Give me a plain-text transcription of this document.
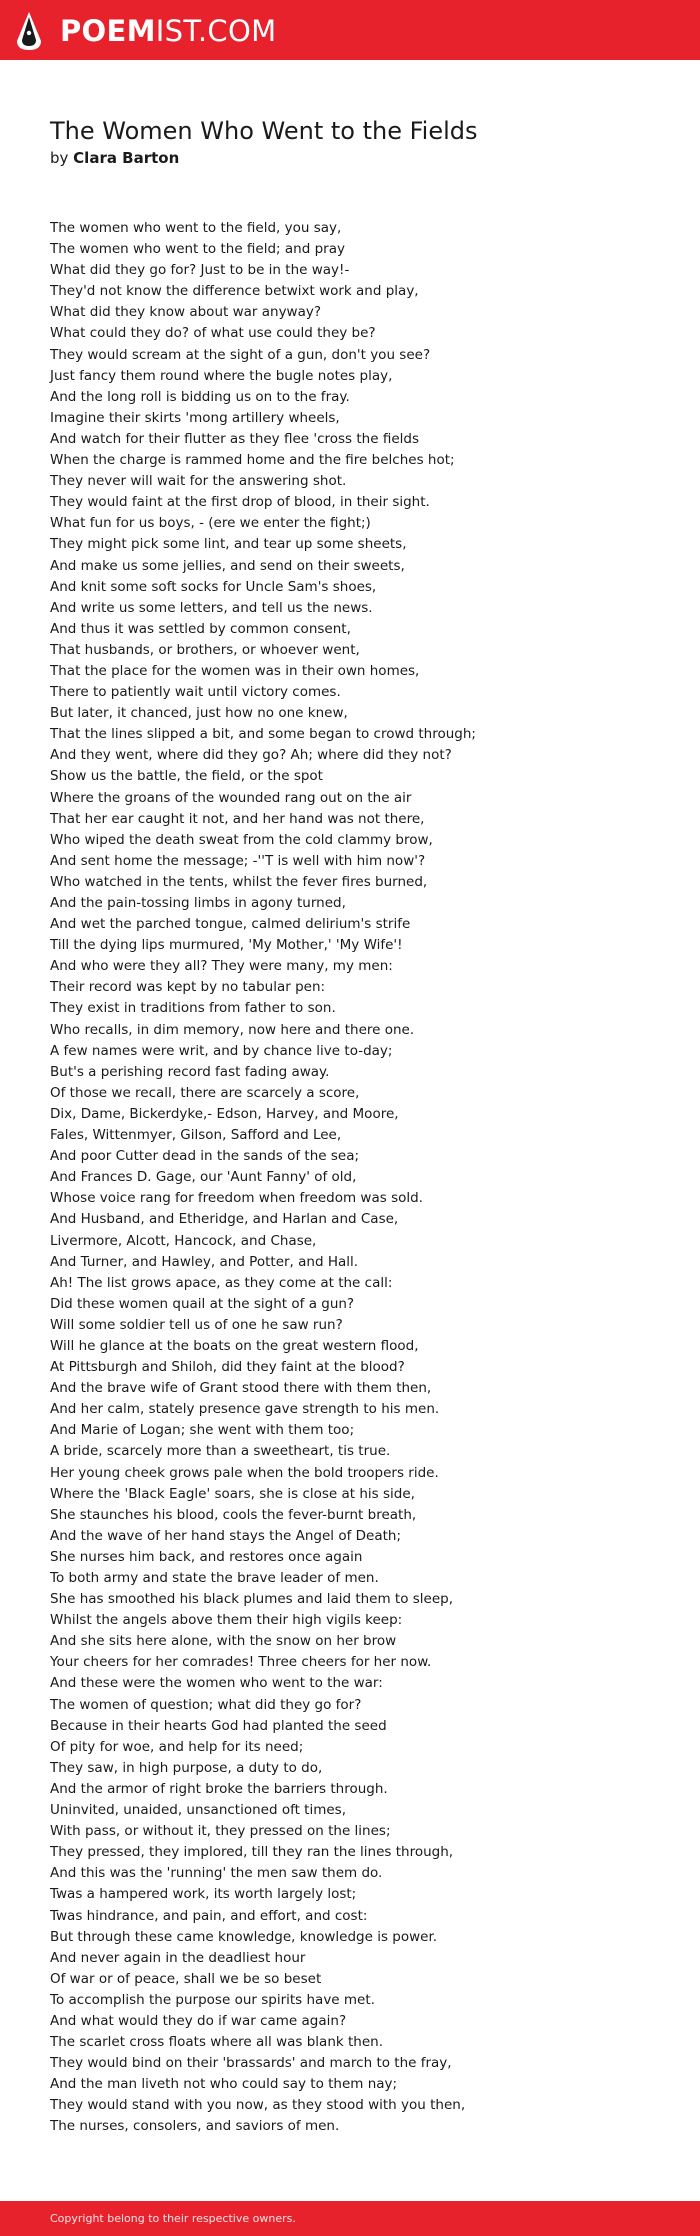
POEMIST.COM
The Women Who Went to the Fields
by Clara Barton
The women who went to the field, you say,
The women who went to the field; and pray
What did they go for? Just to be in the way!-
They'd not know the difference betwixt work and play,
What did they know about war anyway?
What could they do? of what use could they be?
They would scream at the sight of a gun, don't you see?
Just fancy them round where the bugle notes play,
And the long roll is bidding us on to the fray.
Imagine their skirts 'mong artillery wheels,
And watch for their flutter as they flee 'cross the fields
When the charge is rammed home and the fire belches hot;
They never will wait for the answering shot.
They would faint at the first drop of blood, in their sight.
What fun for us boys, - (ere we enter the fight;)
They might pick some lint, and tear up some sheets,
And make us some jellies, and send on their sweets,
And knit some soft socks for Uncle Sam's shoes,
And write us some letters, and tell us the news.
And thus it was settled by common consent,
That husbands, or brothers, or whoever went,
That the place for the women was in their own homes,
There to patiently wait until victory comes.
But later, it chanced, just how no one knew,
That the lines slipped a bit, and some began to crowd through;
And they went, where did they go? Ah; where did they not?
Show us the battle, the field, or the spot
Where the groans of the wounded rang out on the air
That her ear caught it not, and her hand was not there,
Who wiped the death sweat from the cold clammy brow,
And sent home the message; -''T is well with him now'?
Who watched in the tents, whilst the fever fires burned,
And the pain-tossing limbs in agony turned,
And wet the parched tongue, calmed delirium's strife
Till the dying lips murmured, 'My Mother,' 'My Wife'!
And who were they all? They were many, my men:
Their record was kept by no tabular pen:
They exist in traditions from father to son.
Who recalls, in dim memory, now here and there one.
A few names were writ, and by chance live to-day;
But's a perishing record fast fading away.
Of those we recall, there are scarcely a score,
Dix, Dame, Bickerdyke,- Edson, Harvey, and Moore,
Fales, Wittenmyer, Gilson, Safford and Lee,
And poor Cutter dead in the sands of the sea;
And Frances D. Gage, our 'Aunt Fanny' of old,
Whose voice rang for freedom when freedom was sold.
And Husband, and Etheridge, and Harlan and Case,
Livermore, Alcott, Hancock, and Chase,
And Turner, and Hawley, and Potter, and Hall.
Ah! The list grows apace, as they come at the call:
Did these women quail at the sight of a gun?
Will some soldier tell us of one he saw run?
Will he glance at the boats on the great western flood,
At Pittsburgh and Shiloh, did they faint at the blood?
And the brave wife of Grant stood there with them then,
And her calm, stately presence gave strength to his men.
And Marie of Logan; she went with them too;
A bride, scarcely more than a sweetheart, tis true.
Her young cheek grows pale when the bold troopers ride.
Where the 'Black Eagle' soars, she is close at his side,
She staunches his blood, cools the fever-burnt breath,
And the wave of her hand stays the Angel of Death;
She nurses him back, and restores once again
To both army and state the brave leader of men.
She has smoothed his black plumes and laid them to sleep,
Whilst the angels above them their high vigils keep:
And she sits here alone, with the snow on her brow
Your cheers for her comrades! Three cheers for her now.
And these were the women who went to the war:
The women of question; what did they go for?
Because in their hearts God had planted the seed
Of pity for woe, and help for its need;
They saw, in high purpose, a duty to do,
And the armor of right broke the barriers through.
Uninvited, unaided, unsanctioned oft times,
With pass, or without it, they pressed on the lines;
They pressed, they implored, till they ran the lines through,
And this was the 'running' the men saw them do.
Twas a hampered work, its worth largely lost;
Twas hindrance, and pain, and effort, and cost:
But through these came knowledge, knowledge is power.
And never again in the deadliest hour
Of war or of peace, shall we be so beset
To accomplish the purpose our spirits have met.
And what would they do if war came again?
The scarlet cross floats where all was blank then.
They would bind on their 'brassards' and march to the fray,
And the man liveth not who could say to them nay;
They would stand with you now, as they stood with you then,
The nurses, consolers, and saviors of men.
Copyright belong to their respective owners.
